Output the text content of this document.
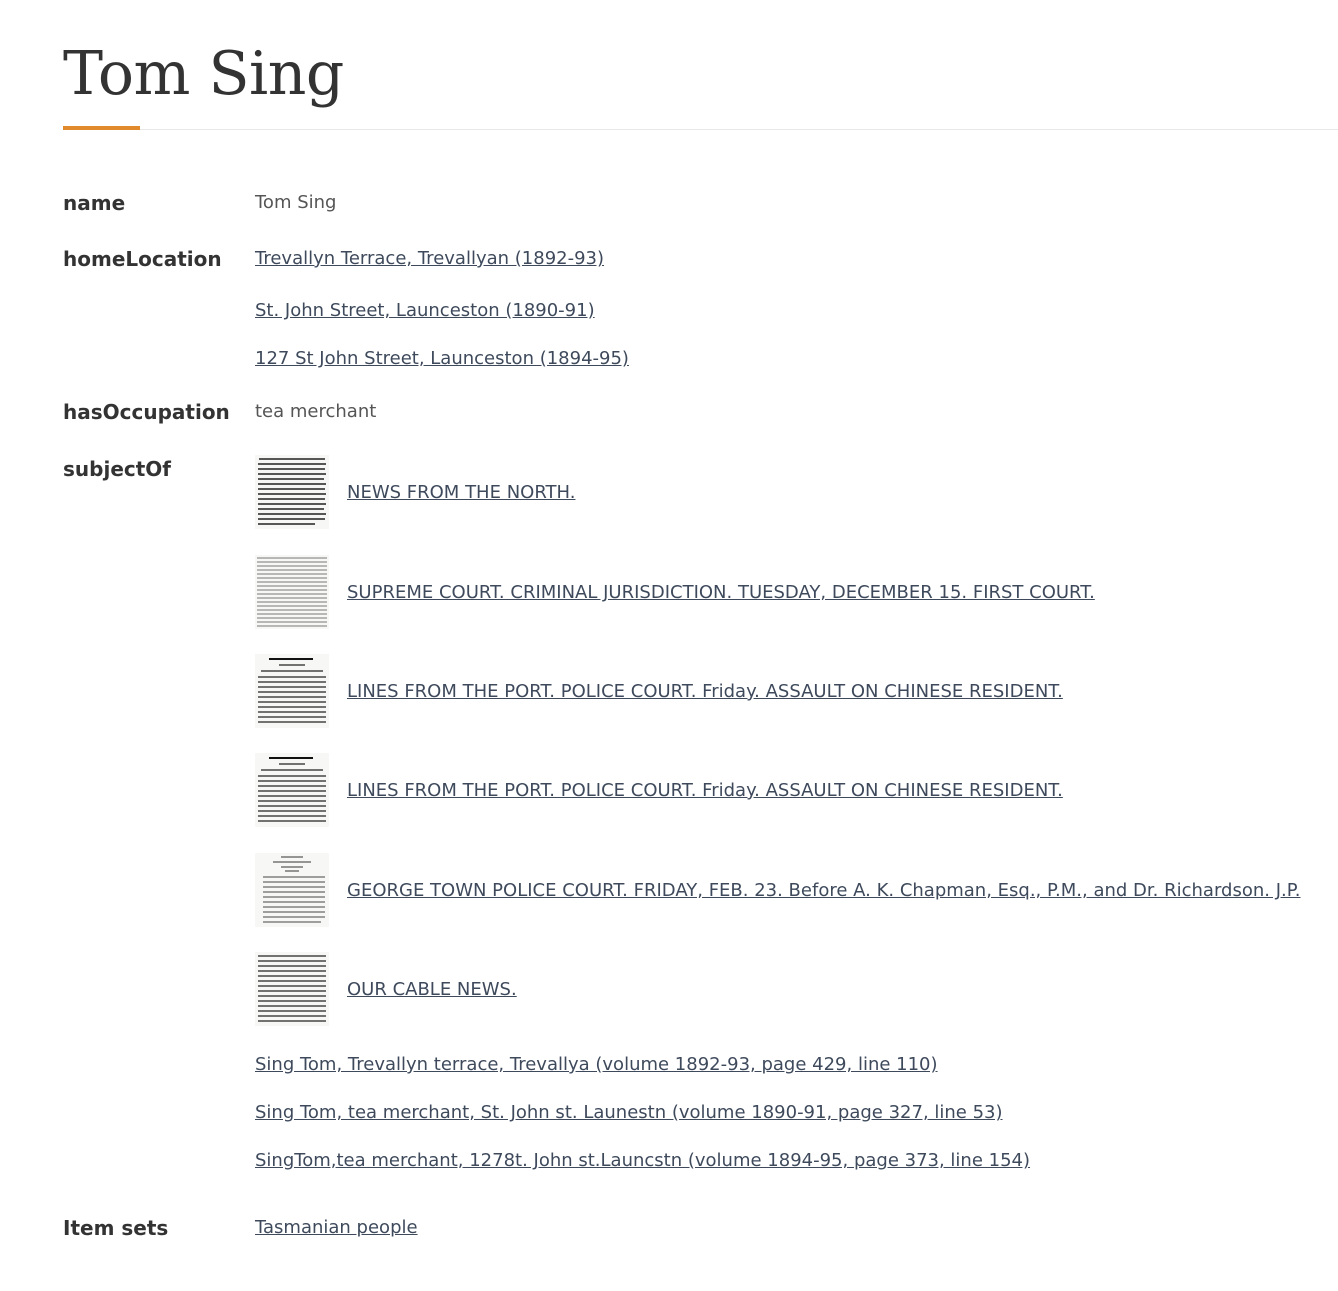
Tom Sing
name	Tom Sing
homeLocation Trevallyn Terrace, Trevallyan (1892-93)
St. John Street, Launceston (1890-91)
127 St John Street, Launceston (1894-95)
hasOccupation tea merchant
subjectOf
NEWS FROM THE NORTH.
SUPREME COURT. CRIMINAL JURISDICTION. TUESDAY, DECEMBER 15. FIRST COURT.
LINES FROM THE PORT. POLICE COURT. Friday. ASSAULT ON CHINESE RESIDENT.
LINES FROM THE PORT. POLICE COURT. Friday. ASSAULT ON CHINESE RESIDENT.
GEORGE TOWN POLICE COURT. FRIDAY, FEB. 23. Before A. K. Chapman, Esq., P.M., and Dr. Richardson. J.P.
OUR CABLE NEWS.
Sing Tom, Trevallyn terrace, Trevallya (volume 1892-93, page 429, line 110)
Sing Tom, tea merchant, St. John st. Launestn (volume 1890-91, page 327, line 53)
SingTom,tea merchant, 1278t. John st.Launcstn (volume 1894-95, page 373, line 154)
Item sets	Tasmanian people
